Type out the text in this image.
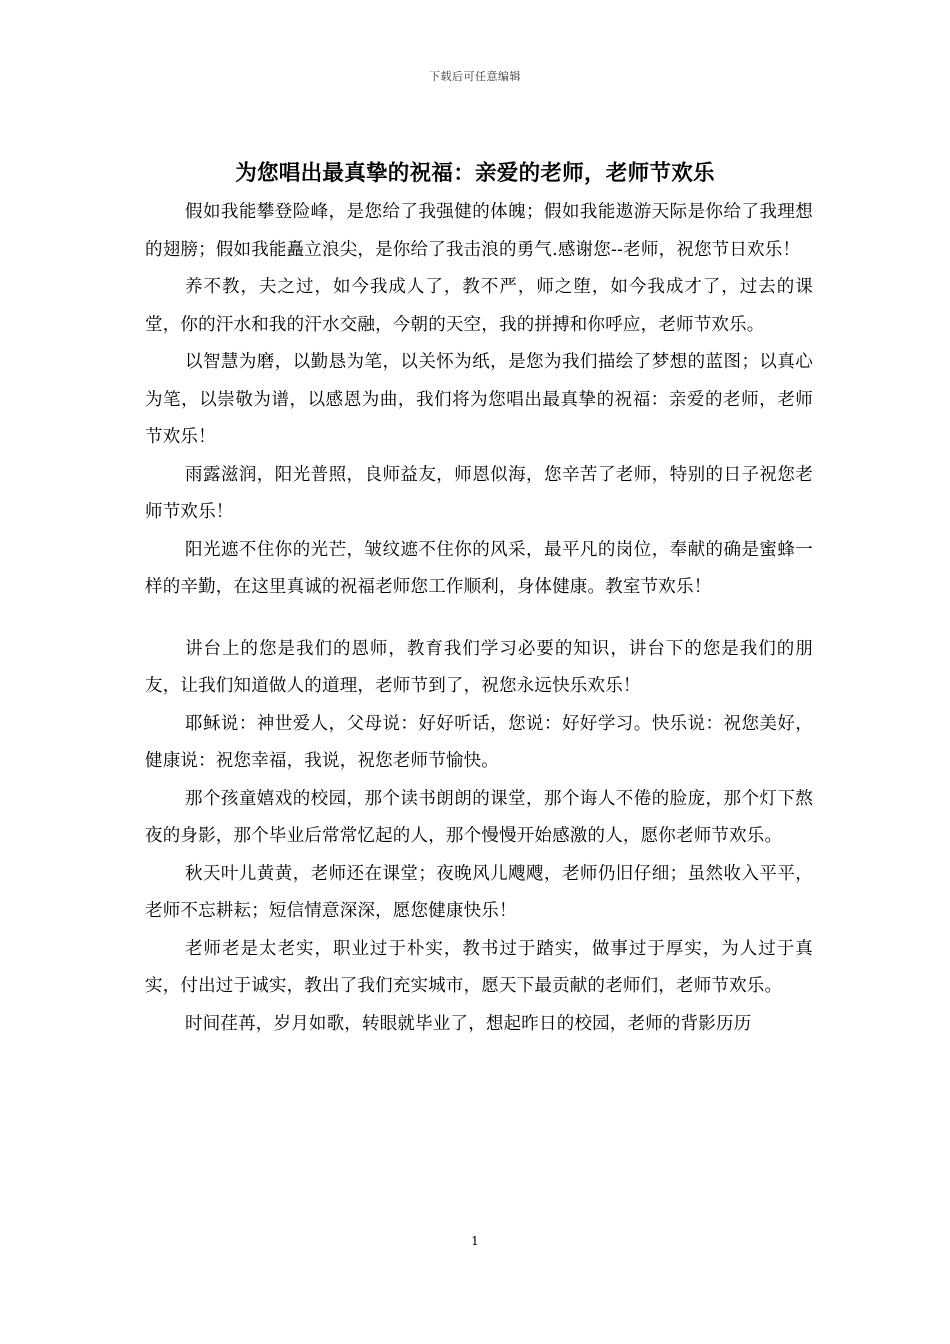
下载后可任意编辑
为您唱出最真挚的祝福：亲爱的老师，老师节欢乐

假如我能攀登险峰，是您给了我强健的体魄；假如我能遨游天际是你给了我理想的翅膀；假如我能矗立浪尖，是你给了我击浪的勇气.感谢您--老师，祝您节日欢乐！

养不教，夫之过，如今我成人了，教不严，师之堕，如今我成才了，过去的课堂，你的汗水和我的汗水交融，今朝的天空，我的拼搏和你呼应，老师节欢乐。

以智慧为磨，以勤恳为笔，以关怀为纸，是您为我们描绘了梦想的蓝图；以真心为笔，以崇敬为谱，以感恩为曲，我们将为您唱出最真挚的祝福：亲爱的老师，老师节欢乐！

雨露滋润，阳光普照，良师益友，师恩似海，您辛苦了老师，特别的日子祝您老师节欢乐！

阳光遮不住你的光芒，皱纹遮不住你的风采，最平凡的岗位，奉献的确是蜜蜂一样的辛勤，在这里真诚的祝福老师您工作顺利，身体健康。教室节欢乐！

讲台上的您是我们的恩师，教育我们学习必要的知识，讲台下的您是我们的朋友，让我们知道做人的道理，老师节到了，祝您永远快乐欢乐！

耶稣说：神世爱人，父母说：好好听话，您说：好好学习。快乐说：祝您美好，健康说：祝您幸福，我说，祝您老师节愉快。

那个孩童嬉戏的校园，那个读书朗朗的课堂，那个诲人不倦的脸庞，那个灯下熬夜的身影，那个毕业后常常忆起的人，那个慢慢开始感激的人，愿你老师节欢乐。

秋天叶儿黄黄，老师还在课堂；夜晚风儿飕飕，老师仍旧仔细；虽然收入平平，老师不忘耕耘；短信情意深深，愿您健康快乐！

老师老是太老实，职业过于朴实，教书过于踏实，做事过于厚实，为人过于真实，付出过于诚实，教出了我们充实城市，愿天下最贡献的老师们，老师节欢乐。

时间荏苒，岁月如歌，转眼就毕业了，想起昨日的校园，老师的背影历历

1
